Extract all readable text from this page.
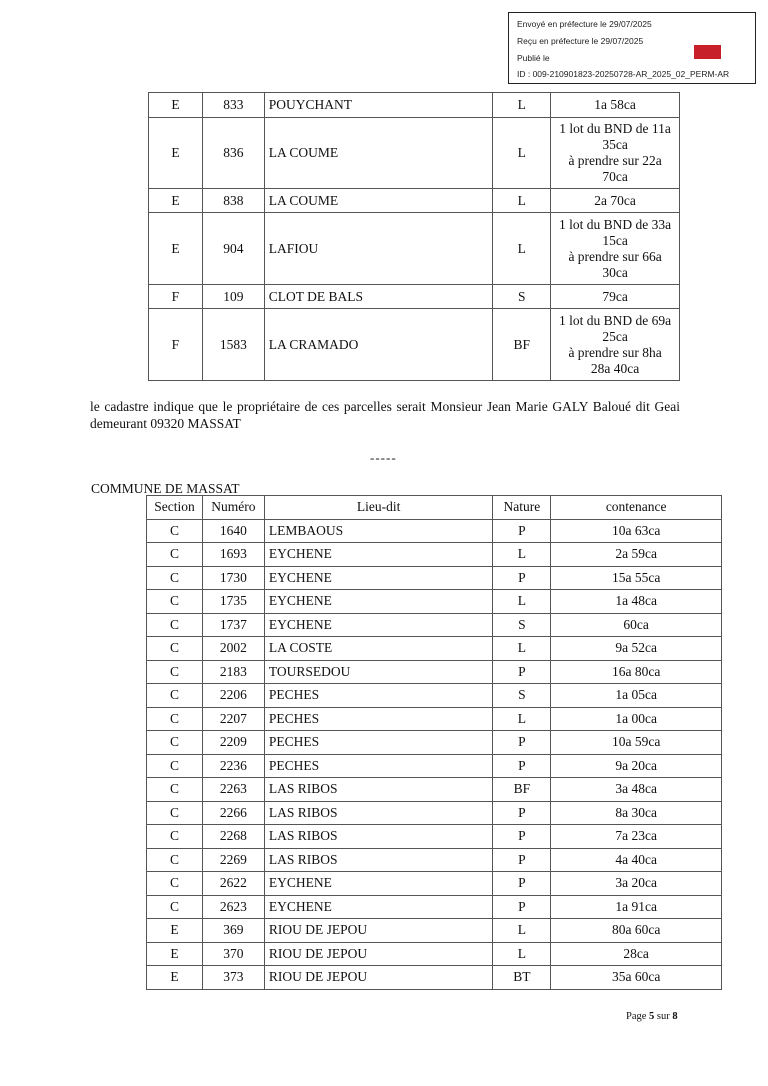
Envoyé en préfecture le 29/07/2025
Reçu en préfecture le 29/07/2025
Publié le
ID : 009-210901823-20250728-AR_2025_02_PERM-AR
E	833	POUYCHANT	L	1a 58ca

E	836	LA COUME	L	1 lot du BND de 11a
35ca
à prendre sur 22a
70ca

E	838	LA COUME	L	2a 70ca

E	904	LAFIOU	L	1 lot du BND de 33a
15ca
à prendre sur 66a
30ca

F	109	CLOT DE BALS	S	79ca

F	1583	LA CRAMADO	BF	1 lot du BND de 69a
25ca
à prendre sur 8ha
28a 40ca
le cadastre indique que le propriétaire de ces parcelles serait Monsieur Jean Marie GALY Baloué dit Geai demeurant 09320 MASSAT
-----
COMMUNE DE MASSAT
Section	Numéro	Lieu-dit	Nature	contenance
C	1640	LEMBAOUS	P	10a 63ca
C	1693	EYCHENE	L	2a 59ca
C	1730	EYCHENE	P	15a 55ca
C	1735	EYCHENE	L	1a 48ca
C	1737	EYCHENE	S	60ca
C	2002	LA COSTE	L	9a 52ca
C	2183	TOURSEDOU	P	16a 80ca
C	2206	PECHES	S	1a 05ca
C	2207	PECHES	L	1a 00ca
C	2209	PECHES	P	10a 59ca
C	2236	PECHES	P	9a 20ca
C	2263	LAS RIBOS	BF	3a 48ca
C	2266	LAS RIBOS	P	8a 30ca
C	2268	LAS RIBOS	P	7a 23ca
C	2269	LAS RIBOS	P	4a 40ca
C	2622	EYCHENE	P	3a 20ca
C	2623	EYCHENE	P	1a 91ca
E	369	RIOU DE JEPOU	L	80a 60ca
E	370	RIOU DE JEPOU	L	28ca
E	373	RIOU DE JEPOU	BT	35a 60ca
Page 5 sur 8
